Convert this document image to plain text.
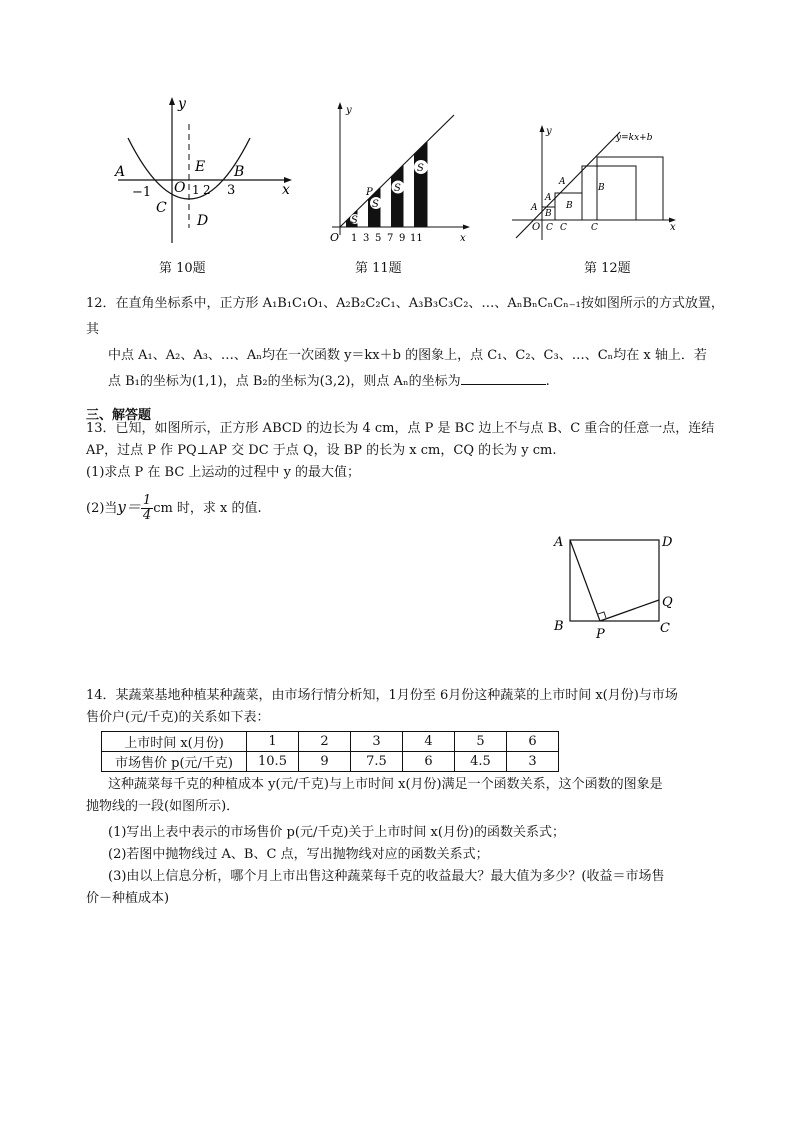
A
y
x
E B
−1 O 1 2 3
C
D
第 10题
S
S
S
S
P
y
x
O 1 3 5 7 9 11
第 11题
y=kx+b
y
x
O
A
A
A
B
B
B
C C	C
第 12题
12．在直角坐标系中，正方形 A₁B₁C₁O₁、A₂B₂C₂C₁、A₃B₃C₃C₂、…、AₙBₙCₙCₙ₋₁按如图所示的方式放置，其
中点 A₁、A₂、A₃、…、Aₙ均在一次函数 y＝kx＋b 的图象上，点 C₁、C₂、C₃、…、Cₙ均在 x 轴上．若
点 B₁的坐标为(1,1)，点 B₂的坐标为(3,2)，则点 Aₙ的坐标为	.
三、解答题
13．已知，如图所示，正方形 ABCD 的边长为 4 cm，点 P 是 BC 边上不与点 B、C 重合的任意一点，连结
AP，过点 P 作 PQ⊥AP 交 DC 于点 Q，设 BP 的长为 x cm，CQ 的长为 y cm.
(1)求点 P 在 BC 上运动的过程中 y 的最大值；
(2)当$y= \frac{1}{4}$ cm 时，求 x 的值.
A	D
Q
B
P	C
14．某蔬菜基地种植某种蔬菜，由市场行情分析知，1月份至 6月份这种蔬菜的上市时间 x(月份)与市场
售价户(元/千克)的关系如下表：
上市时间 x(月份)	1	2	3	4	5	6
市场售价 p(元/千克)	10.5	9	7.5	6	4.5	3
这种蔬菜每千克的种植成本 y(元/千克)与上市时间 x(月份)满足一个函数关系，这个函数的图象是
抛物线的一段(如图所示)．
(1)写出上表中表示的市场售价 p(元/千克)关于上市时间 x(月份)的函数关系式；
(2)若图中抛物线过 A、B、C 点，写出抛物线对应的函数关系式；
(3)由以上信息分析，哪个月上市出售这种蔬菜每千克的收益最大？最大值为多少？(收益＝市场售
价－种植成本)
